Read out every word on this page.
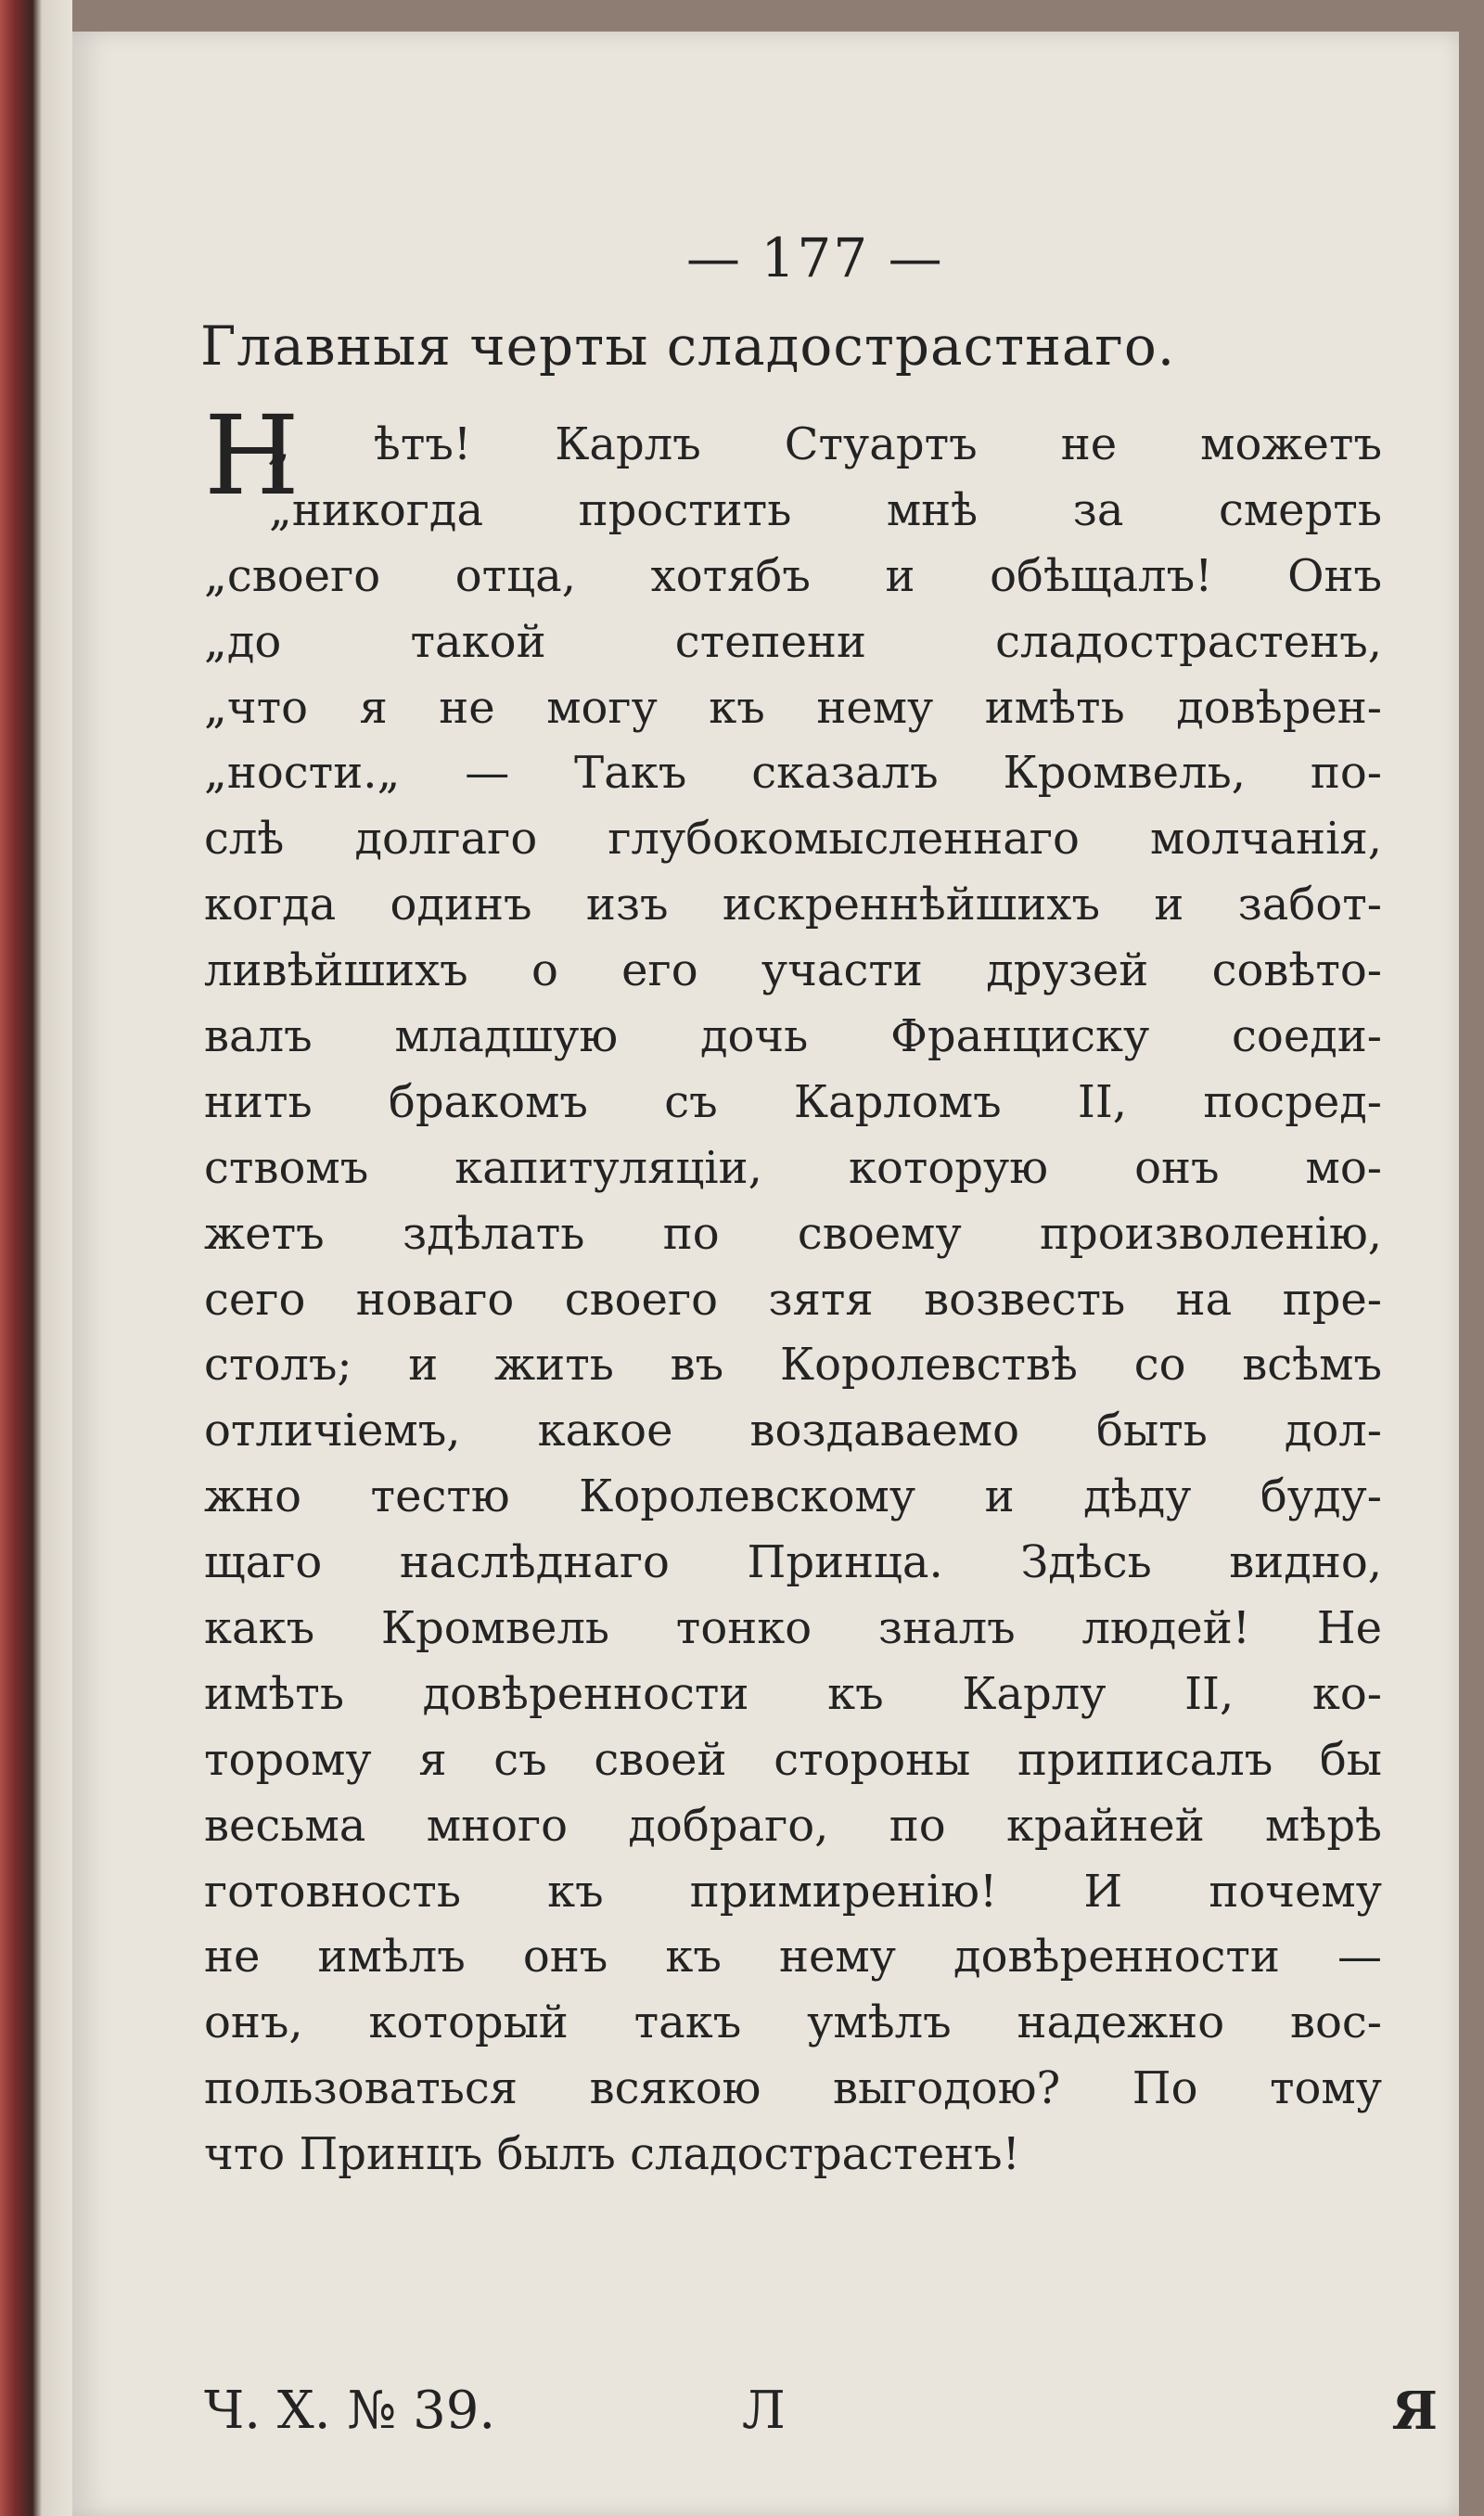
— 177 —
Главныя черты сладострастнаго.
Н
„ ѣтъ! Карлъ Стуартъ не можетъ
„никогда простить мнѣ за смерть
„своего отца, хотябъ и обѣщалъ! Онъ
„до такой степени сладострастенъ,
„что я не могу къ нему имѣть довѣрен-
„ности.„ — Такъ сказалъ Кромвель, по-
слѣ долгаго глубокомысленнаго молчанія,
когда одинъ изъ искреннѣйшихъ и забот-
ливѣйшихъ о его участи друзей совѣто-
валъ младшую дочь Франциску соеди-
нить бракомъ съ Карломъ II, посред-
ствомъ капитуляціи, которую онъ мо-
жетъ здѣлать по своему произволенію,
сего новаго своего зятя возвесть на пре-
столъ; и жить въ Королевствѣ со всѣмъ
отличіемъ, какое воздаваемо быть дол-
жно тестю Королевскому и дѣду буду-
щаго наслѣднаго Принца. Здѣсь видно,
какъ Кромвель тонко зналъ людей! Не
имѣть довѣренности къ Карлу II, ко-
торому я съ своей стороны приписалъ бы
весьма много добраго, по крайней мѣрѣ
готовность къ примиренію! И почему
не имѣлъ онъ къ нему довѣренности —
онъ, который такъ умѣлъ надежно вос-
пользоваться всякою выгодою? По тому
что Принцъ былъ сладострастенъ!
Ч. X. № 39.	Л	Я
